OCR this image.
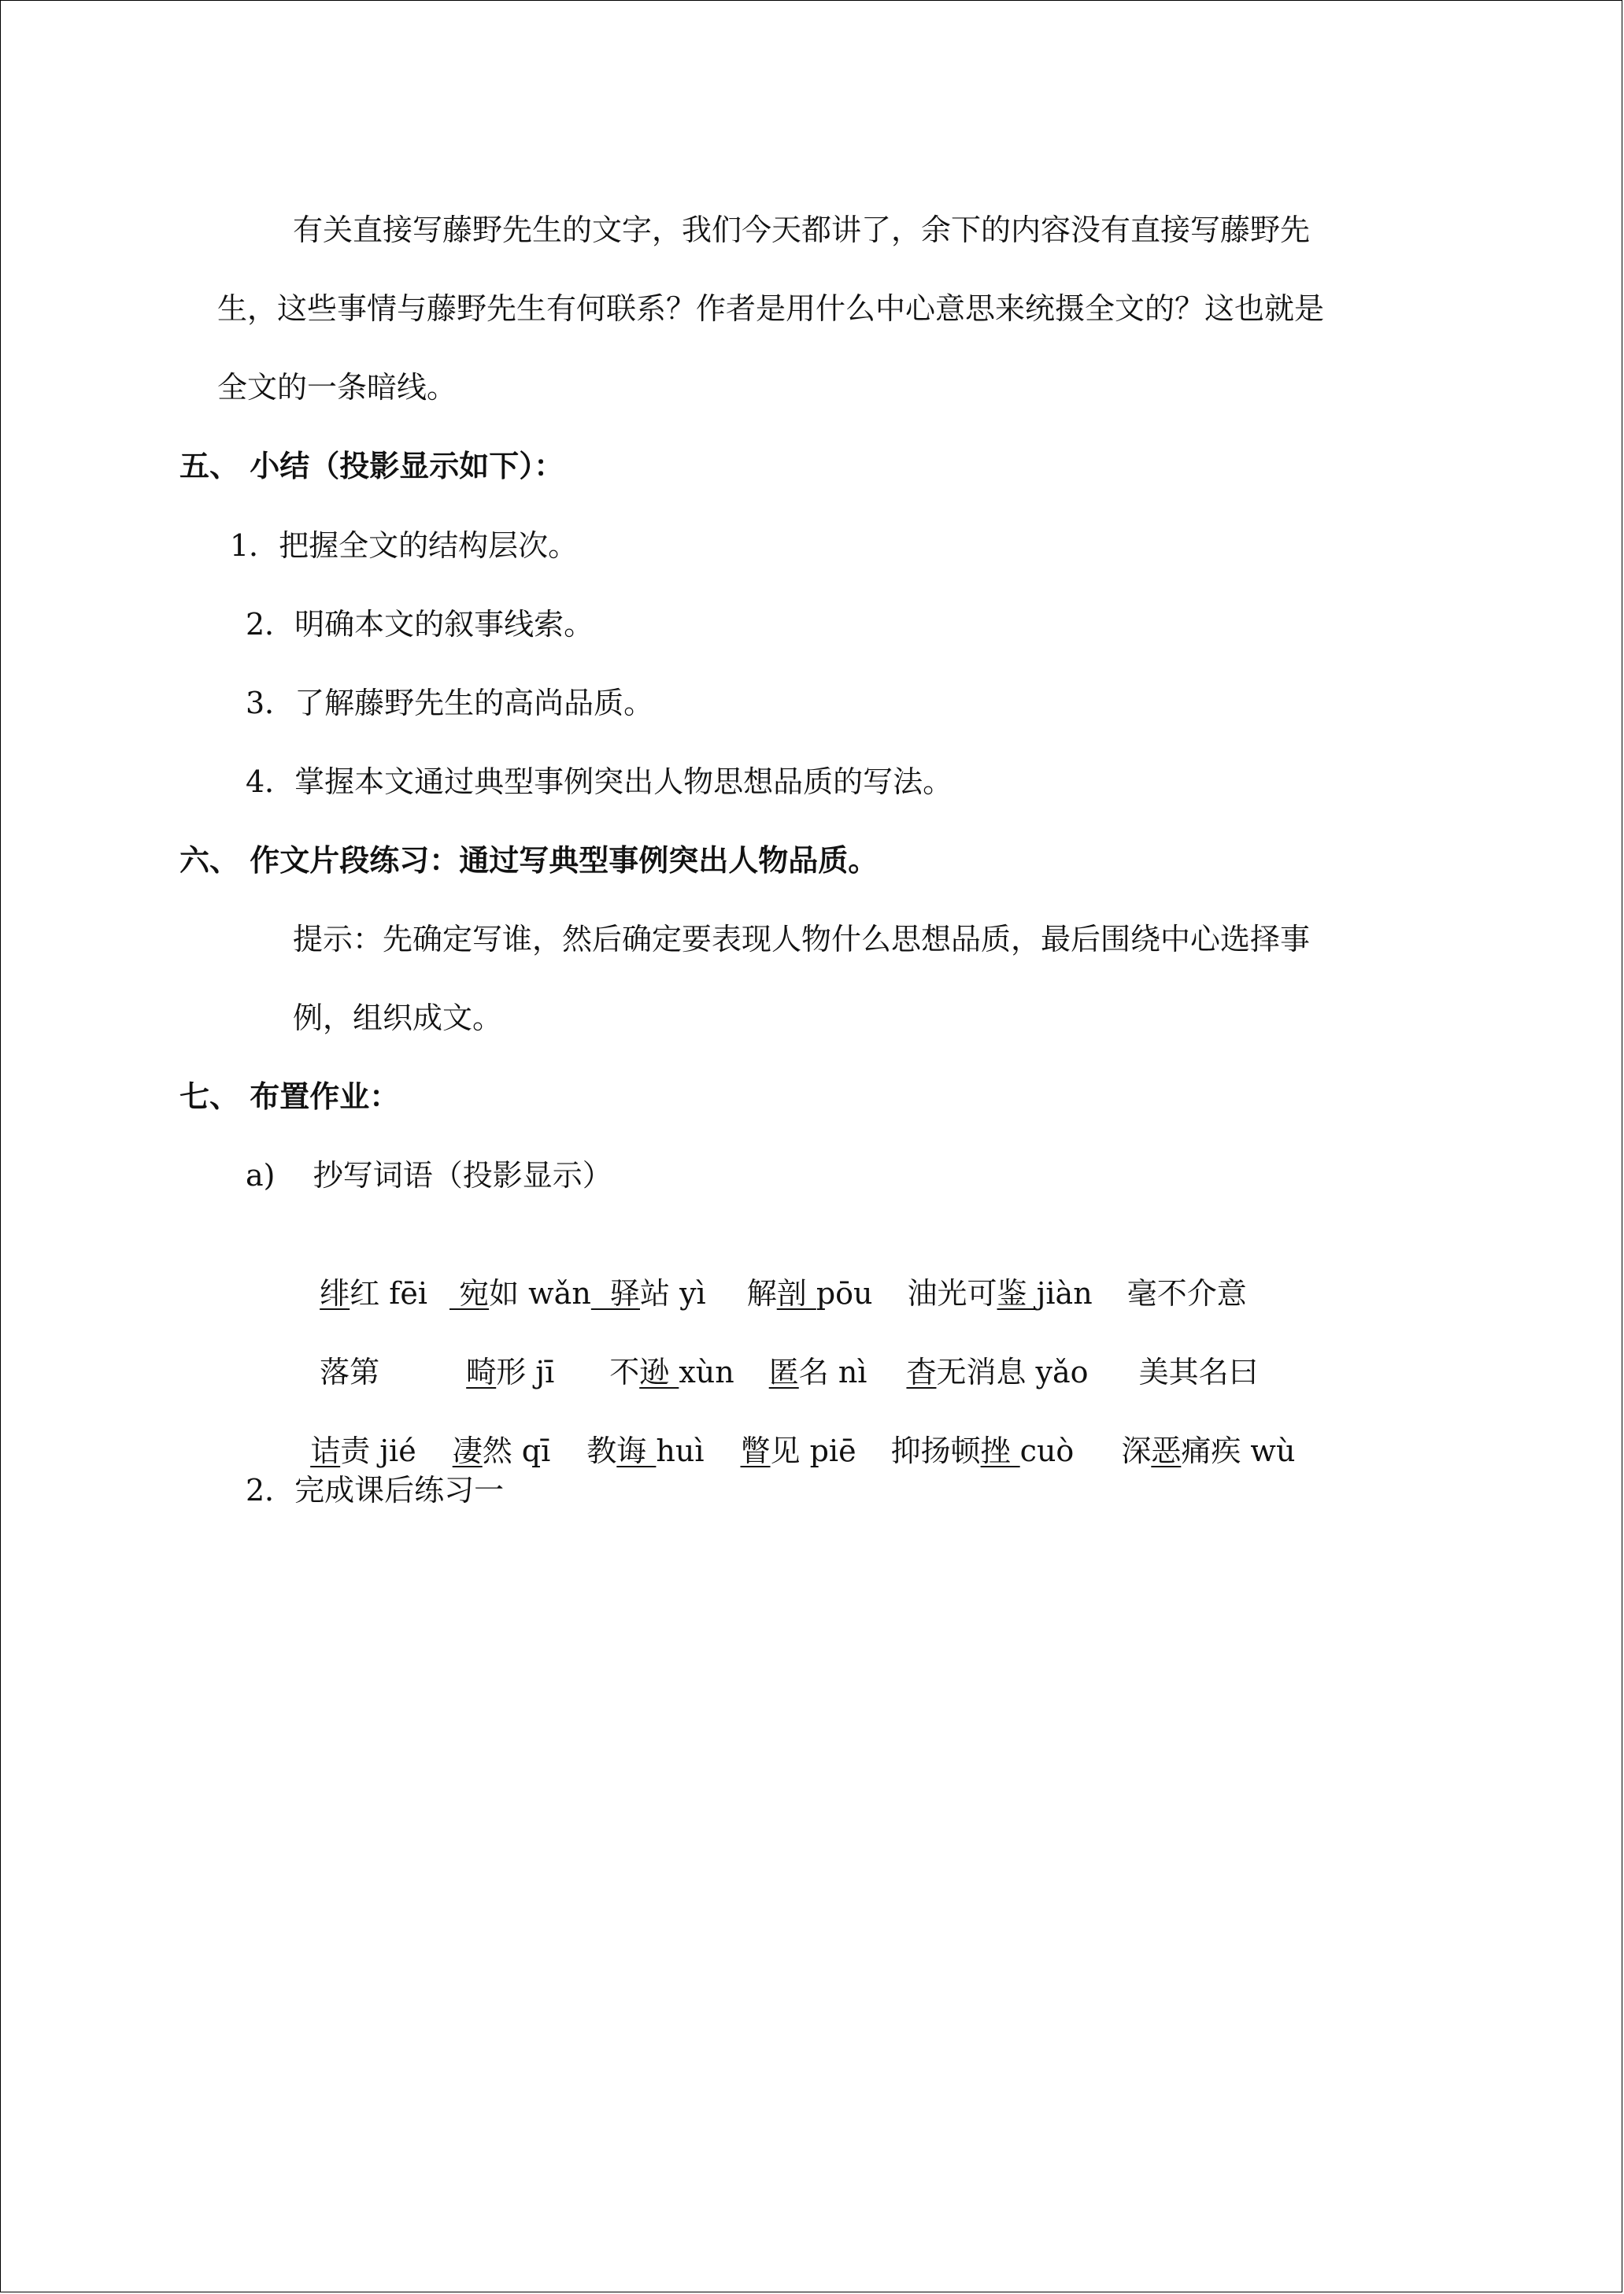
有关直接写藤野先生的文字，我们今天都讲了，余下的内容没有直接写藤野先
生，这些事情与藤野先生有何联系？作者是用什么中心意思来统摄全文的？这也就是
全文的一条暗线。
五、 小结（投影显示如下）：
1．把握全文的结构层次。
2．明确本文的叙事线索。
3．了解藤野先生的高尚品质。
4．掌握本文通过典型事例突出人物思想品质的写法。
六、 作文片段练习：通过写典型事例突出人物品质。
提示：先确定写谁，然后确定要表现人物什么思想品质，最后围绕中心选择事
例，组织成文。
七、 布置作业：
a)    抄写词语（投影显示）

绯红 fēi 宛如 wǎn  驿站 yì 解剖 pōu 油光可鉴 jiàn 毫不介意

落第	畸形 jī 不逊 xùn 匿名 nì 杳无消息 yǎo 美其名曰

诘责 jié 凄然 qī 教诲 huì 瞥见 piē 抑扬顿挫 cuò 深恶痛疾 wù

2．完成课后练习一
